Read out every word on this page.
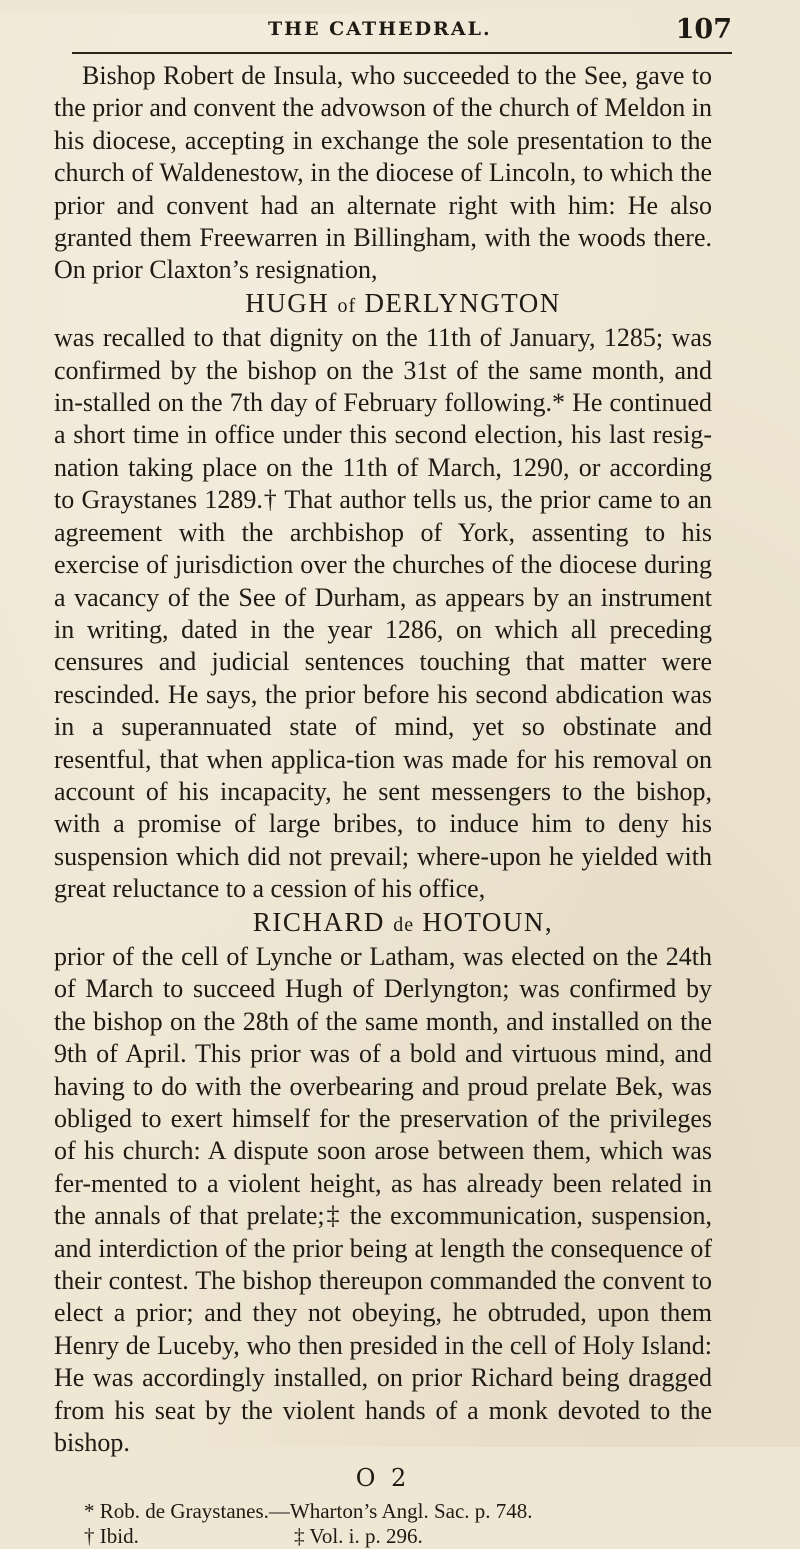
THE CATHEDRAL.	107

Bishop Robert de Insula, who succeeded to the See, gave to the prior and convent the advowson of the church of Meldon in his diocese, accepting in exchange the sole presentation to the church of Waldenestow, in the diocese of Lincoln, to which the prior and convent had an alternate right with him: He also granted them Freewarren in Billingham, with the woods there. On prior Claxton’s resignation,

HUGH of DERLYNGTON

was recalled to that dignity on the 11th of January, 1285; was confirmed by the bishop on the 31st of the same month, and in-stalled on the 7th day of February following.* He continued a short time in office under this second election, his last resig-nation taking place on the 11th of March, 1290, or according to Graystanes 1289.† That author tells us, the prior came to an agreement with the archbishop of York, assenting to his exercise of jurisdiction over the churches of the diocese during a vacancy of the See of Durham, as appears by an instrument in writing, dated in the year 1286, on which all preceding censures and judicial sentences touching that matter were rescinded. He says, the prior before his second abdication was in a superannuated state of mind, yet so obstinate and resentful, that when applica-tion was made for his removal on account of his incapacity, he sent messengers to the bishop, with a promise of large bribes, to induce him to deny his suspension which did not prevail; where-upon he yielded with great reluctance to a cession of his office,

RICHARD de HOTOUN,

prior of the cell of Lynche or Latham, was elected on the 24th of March to succeed Hugh of Derlyngton; was confirmed by the bishop on the 28th of the same month, and installed on the 9th of April. This prior was of a bold and virtuous mind, and having to do with the overbearing and proud prelate Bek, was obliged to exert himself for the preservation of the privileges of his church: A dispute soon arose between them, which was fer-mented to a violent height, as has already been related in the annals of that prelate;‡ the excommunication, suspension, and interdiction of the prior being at length the consequence of their contest. The bishop thereupon commanded the convent to elect a prior; and they not obeying, he obtruded, upon them Henry de Luceby, who then presided in the cell of Holy Island: He was accordingly installed, on prior Richard being dragged from his seat by the violent hands of a monk devoted to the bishop.

O 2
* Rob. de Graystanes.—Wharton’s Angl. Sac. p. 748.
† Ibid.	‡ Vol. i. p. 296.
